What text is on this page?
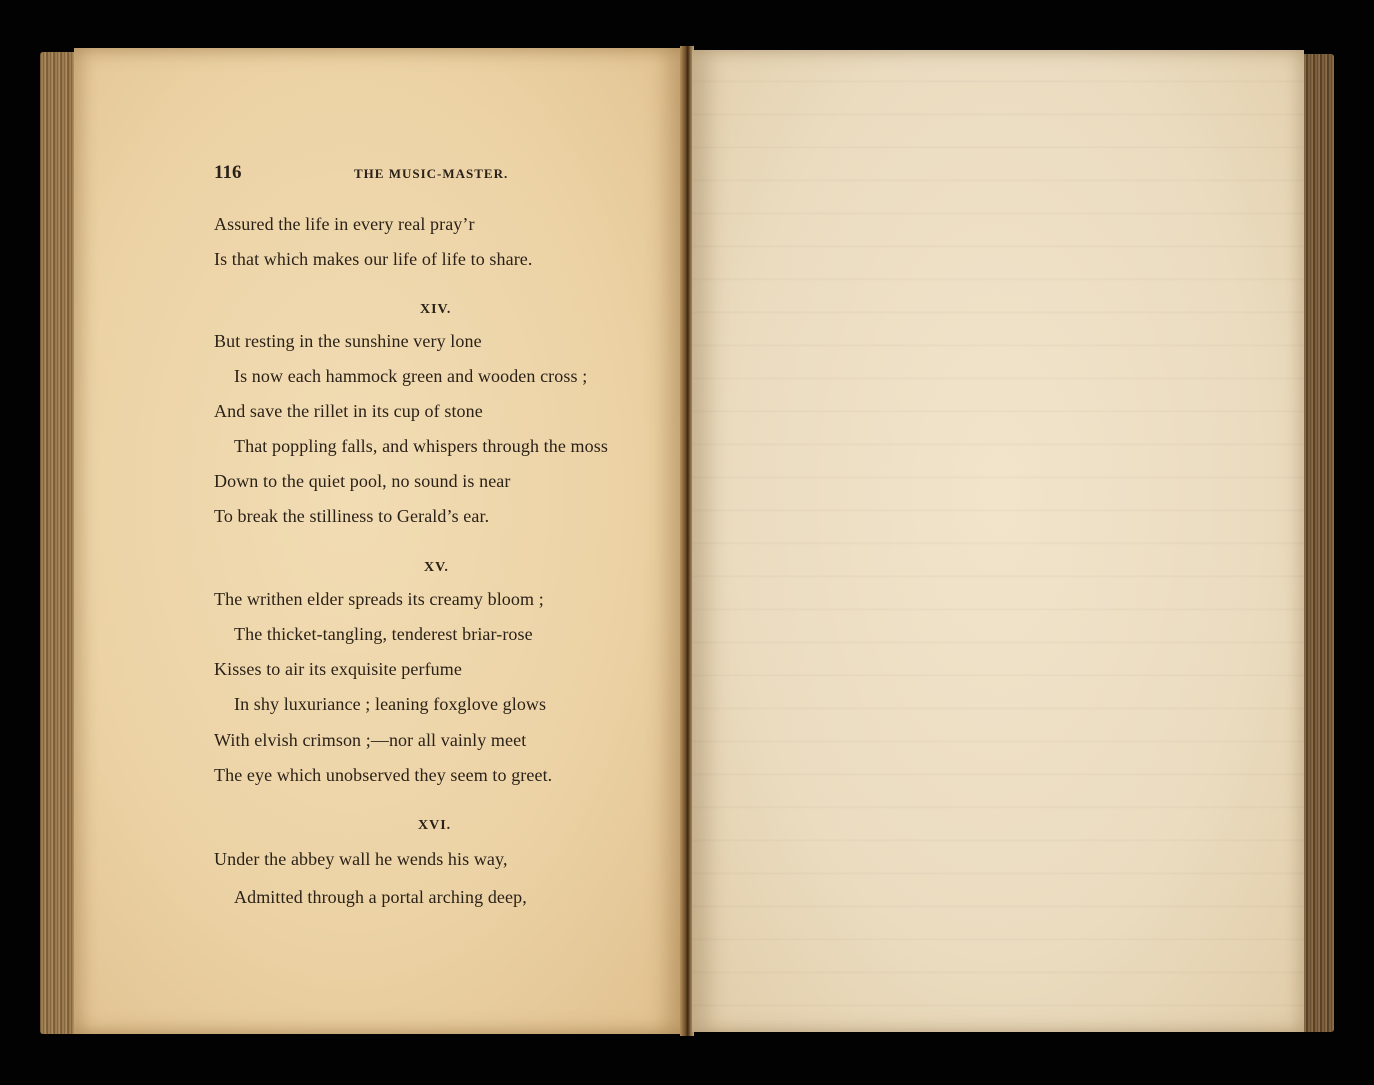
116	THE MUSIC-MASTER.
Assured the life in every real pray’r
Is that which makes our life of life to share.
XIV.
But resting in the sunshine very lone
Is now each hammock green and wooden cross ;
And save the rillet in its cup of stone
That poppling falls, and whispers through the moss
Down to the quiet pool, no sound is near
To break the stilliness to Gerald’s ear.
XV.
The writhen elder spreads its creamy bloom ;
The thicket-tangling, tenderest briar-rose
Kisses to air its exquisite perfume
In shy luxuriance ; leaning foxglove glows
With elvish crimson ;—nor all vainly meet
The eye which unobserved they seem to greet.
XVI.
Under the abbey wall he wends his way,
Admitted through a portal arching deep,
